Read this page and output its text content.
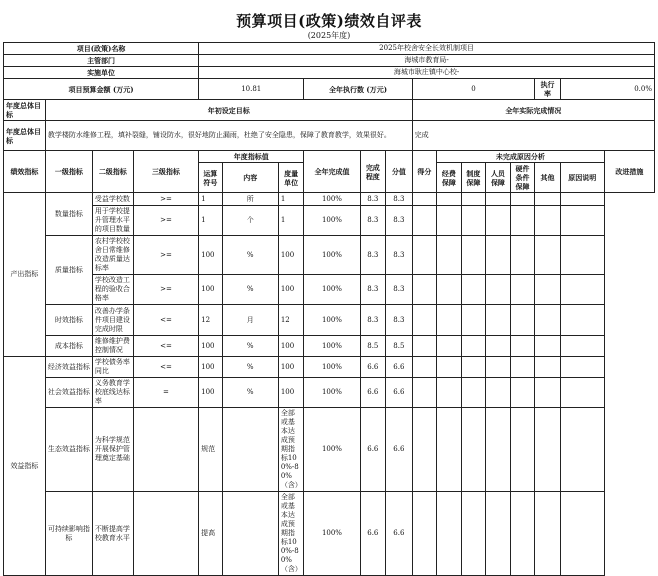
预算项目(政策)绩效自评表
(2025年度)
项目(政策)名称				2025年校舍安全长效机制项目													
主管部门				海城市教育局-													
实施单位				海城市耿庄镇中心校-													
项目预算金额 (万元)				10.81			全年执行数 (万元)			0					执行率	0.0%	
年度总体目标	年初设定目标									全年实际完成情况							
年度总体目标	教学楼防水维修工程，填补裂缝，铺设防水，很好地防止漏雨，杜绝了安全隐患，保障了教育教学，效果很好。									完成							
绩效指标	一级指标	二级指标	三级指标	年度指标值			全年完成值	完成程度	分值	得分	未完成原因分析						改进措施
				运算符号	内容	度量单位					经费保障	制度保障	人员保障	硬件条件保障	其他	原因说明	

产出指标	数量指标	受益学校数	>=	1	所	1	100%	8.3	8.3								
		用于学校提升管理水平的项目数量	>=	1	个	1	100%	8.3	8.3								
	质量指标	农村学校校舍日常维修改造质量达标率	>=	100	%	100	100%	8.3	8.3								
		学校改造工程的验收合格率	>=	100	%	100	100%	8.3	8.3								
	时效指标	改善办学条件项目建设完成时限	<=	12	月	12	100%	8.3	8.3								
	成本指标	维修维护费控制情况	<=	100	%	100	100%	8.5	8.5								
效益指标	经济效益指标	学校债务率同比	<=	100	%	100	100%	6.6	6.6								
	社会效益指标	义务教育学校底线达标率	=	100	%	100	100%	6.6	6.6								
	生态效益指标	为科学规范开展保护管理奠定基础		规范		全部或基本达成预期指标100%-80%（含）	100%	6.6	6.6								
	可持续影响指标	不断提高学校教育水平		提高		全部或基本达成预期指标100%-80%（含）	100%	6.6	6.6								
